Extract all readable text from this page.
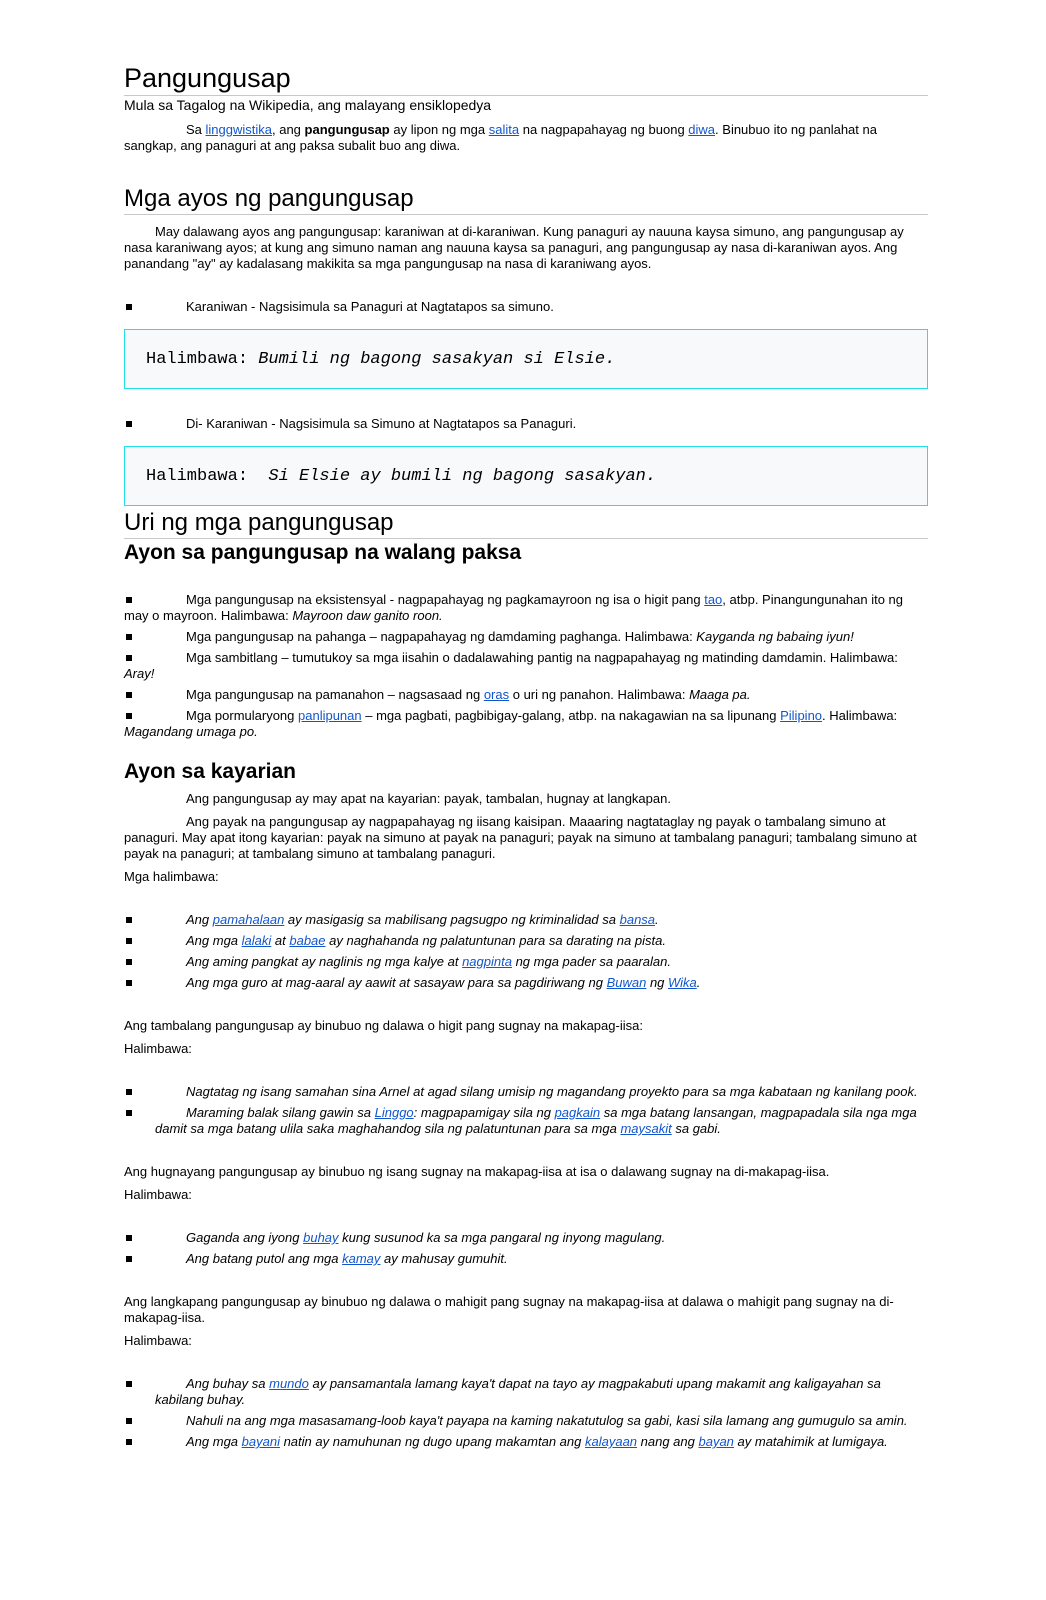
Pangungusap
Mula sa Tagalog na Wikipedia, ang malayang ensiklopedya

Sa linggwistika, ang pangungusap ay lipon ng mga salita na nagpapahayag ng buong diwa. Binubuo ito ng panlahat na sangkap, ang panaguri at ang paksa subalit buo ang diwa.

Mga ayos ng pangungusap

May dalawang ayos ang pangungusap: karaniwan at di-karaniwan. Kung panaguri ay nauuna kaysa simuno, ang pangungusap ay nasa karaniwang ayos; at kung ang simuno naman ang nauuna kaysa sa panaguri, ang pangungusap ay nasa di-karaniwan ayos. Ang panandang "ay" ay kadalasang makikita sa mga pangungusap na nasa di karaniwang ayos.

Karaniwan - Nagsisimula sa Panaguri at Nagtatapos sa simuno.
Halimbawa: Bumili ng bagong sasakyan si Elsie.
Di- Karaniwan - Nagsisimula sa Simuno at Nagtatapos sa Panaguri.
Halimbawa: Si Elsie ay bumili ng bagong sasakyan.
Uri ng mga pangungusap
Ayon sa pangungusap na walang paksa
Mga pangungusap na eksistensyal - nagpapahayag ng pagkamayroon ng isa o higit pang tao, atbp. Pinangungunahan ito ng may o mayroon. Halimbawa: Mayroon daw ganito roon.
Mga pangungusap na pahanga – nagpapahayag ng damdaming paghanga. Halimbawa: Kayganda ng babaing iyun!
Mga sambitlang – tumutukoy sa mga iisahin o dadalawahing pantig na nagpapahayag ng matinding damdamin. Halimbawa: Aray!
Mga pangungusap na pamanahon – nagsasaad ng oras o uri ng panahon. Halimbawa: Maaga pa.
Mga pormularyong panlipunan – mga pagbati, pagbibigay-galang, atbp. na nakagawian na sa lipunang Pilipino. Halimbawa: Magandang umaga po.
Ayon sa kayarian

Ang pangungusap ay may apat na kayarian: payak, tambalan, hugnay at langkapan.

Ang payak na pangungusap ay nagpapahayag ng iisang kaisipan. Maaaring nagtataglay ng payak o tambalang simuno at panaguri. May apat itong kayarian: payak na simuno at payak na panaguri; payak na simuno at tambalang panaguri; tambalang simuno at payak na panaguri; at tambalang simuno at tambalang panaguri.

Mga halimbawa:

Ang pamahalaan ay masigasig sa mabilisang pagsugpo ng kriminalidad sa bansa.
Ang mga lalaki at babae ay naghahanda ng palatuntunan para sa darating na pista.
Ang aming pangkat ay naglinis ng mga kalye at nagpinta ng mga pader sa paaralan.
Ang mga guro at mag-aaral ay aawit at sasayaw para sa pagdiriwang ng Buwan ng Wika.

Ang tambalang pangungusap ay binubuo ng dalawa o higit pang sugnay na makapag-iisa:

Halimbawa:

Nagtatag ng isang samahan sina Arnel at agad silang umisip ng magandang proyekto para sa mga kabataan ng kanilang pook.
Maraming balak silang gawin sa Linggo: magpapamigay sila ng pagkain sa mga batang lansangan, magpapadala sila nga mga damit sa mga batang ulila saka maghahandog sila ng palatuntunan para sa mga maysakit sa gabi.

Ang hugnayang pangungusap ay binubuo ng isang sugnay na makapag-iisa at isa o dalawang sugnay na di-makapag-iisa.

Halimbawa:

Gaganda ang iyong buhay kung susunod ka sa mga pangaral ng inyong magulang.
Ang batang putol ang mga kamay ay mahusay gumuhit.

Ang langkapang pangungusap ay binubuo ng dalawa o mahigit pang sugnay na makapag-iisa at dalawa o mahigit pang sugnay na di-makapag-iisa.

Halimbawa:

Ang buhay sa mundo ay pansamantala lamang kaya't dapat na tayo ay magpakabuti upang makamit ang kaligayahan sa kabilang buhay.
Nahuli na ang mga masasamang-loob kaya't payapa na kaming nakatutulog sa gabi, kasi sila lamang ang gumugulo sa amin.
Ang mga bayani natin ay namuhunan ng dugo upang makamtan ang kalayaan nang ang bayan ay matahimik at lumigaya.
